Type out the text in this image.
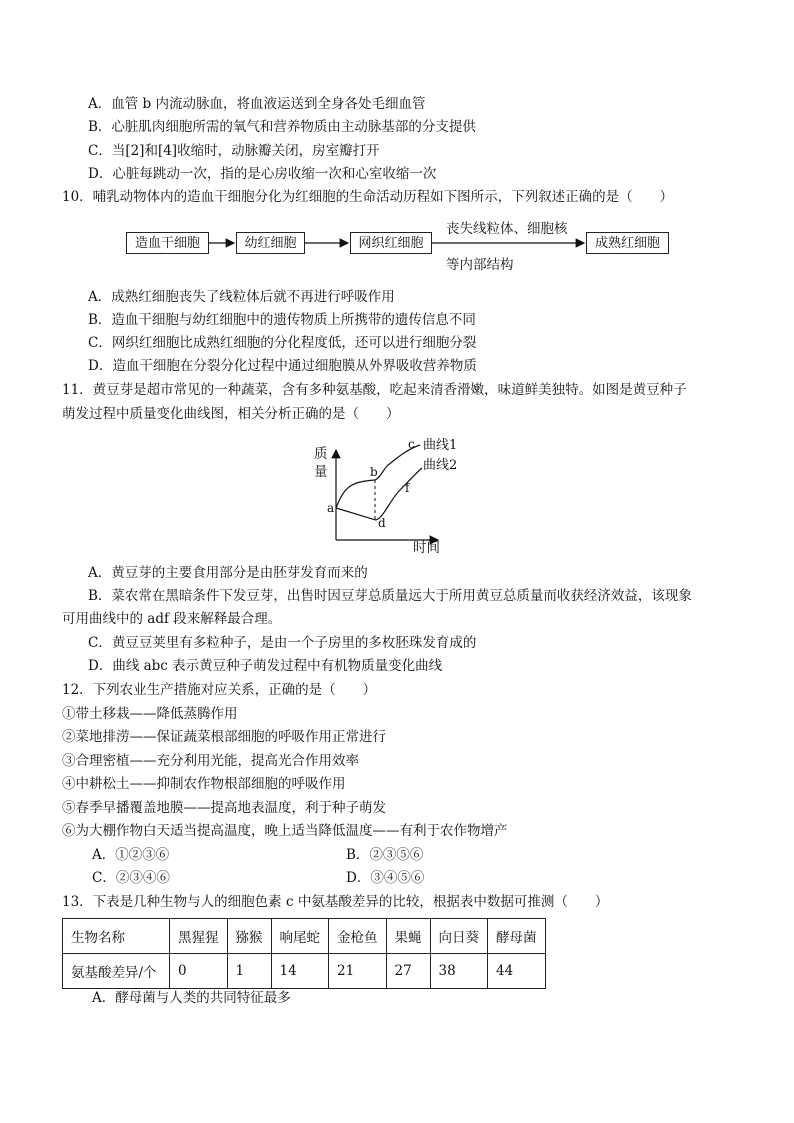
A．血管 b 内流动脉血，将血液运送到全身各处毛细血管
B．心脏肌肉细胞所需的氧气和营养物质由主动脉基部的分支提供
C．当[2]和[4]收缩时，动脉瓣关闭，房室瓣打开
D．心脏每跳动一次，指的是心房收缩一次和心室收缩一次
10．哺乳动物体内的造血干细胞分化为红细胞的生命活动历程如下图所示，下列叙述正确的是（　　）
造血干细胞	幼红细胞	网织红细胞	成熟红细胞
丧失线粒体、细胞核
等内部结构
A．成熟红细胞丧失了线粒体后就不再进行呼吸作用
B．造血干细胞与幼红细胞中的遗传物质上所携带的遗传信息不同
C．网织红细胞比成熟红细胞的分化程度低，还可以进行细胞分裂
D．造血干细胞在分裂分化过程中通过细胞膜从外界吸收营养物质
11．黄豆芽是超市常见的一种蔬菜，含有多种氨基酸，吃起来清香滑嫩，味道鲜美独特。如图是黄豆种子
萌发过程中质量变化曲线图，相关分析正确的是（　　）
质
量
a
b
c
d
f
曲线1
曲线2
时间
A．黄豆芽的主要食用部分是由胚芽发育而来的
B．菜农常在黑暗条件下发豆芽，出售时因豆芽总质量远大于所用黄豆总质量而收获经济效益，该现象
可用曲线中的 adf 段来解释最合理。
C．黄豆豆荚里有多粒种子，是由一个子房里的多枚胚珠发育成的
D．曲线 abc 表示黄豆种子萌发过程中有机物质量变化曲线
12．下列农业生产措施对应关系，正确的是（　　）
①带土移栽——降低蒸腾作用
②菜地排涝——保证蔬菜根部细胞的呼吸作用正常进行
③合理密植——充分利用光能，提高光合作用效率
④中耕松土——抑制农作物根部细胞的呼吸作用
⑤春季早播覆盖地膜——提高地表温度，利于种子萌发
⑥为大棚作物白天适当提高温度，晚上适当降低温度——有利于农作物增产
A．①②③⑥	B．②③⑤⑥
C．②③④⑥	D．③④⑤⑥
13．下表是几种生物与人的细胞色素 c 中氨基酸差异的比较，根据表中数据可推测（　　）
生物名称	黑猩猩	猕猴	响尾蛇	金枪鱼	果蝇	向日葵	酵母菌
氨基酸差异/个	0	1	14	21	27	38	44
A．酵母菌与人类的共同特征最多
